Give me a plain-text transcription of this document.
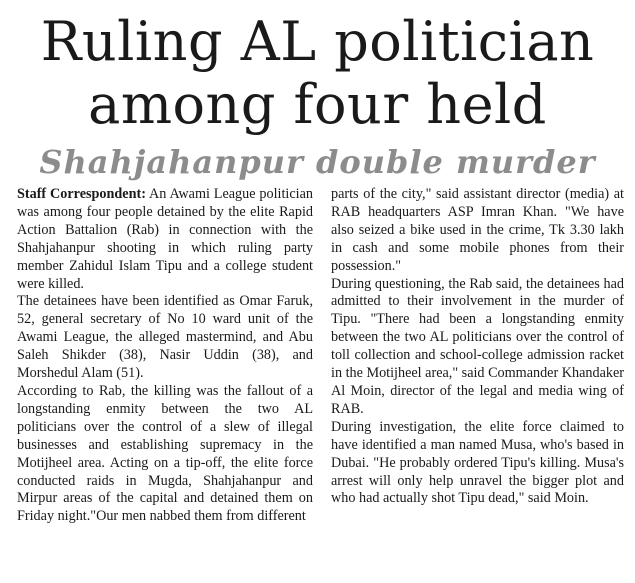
Ruling AL politician
among four held
Shahjahanpur double murder

Staff Correspondent: An Awami League politician was among four people detained by the elite Rapid Action Battalion (Rab) in connection with the Shahjahanpur shooting in which ruling party member Zahidul Islam Tipu and a college student were killed.

The detainees have been identified as Omar Faruk, 52, general secretary of No 10 ward unit of the Awami League, the alleged mastermind, and Abu Saleh Shikder (38), Nasir Uddin (38), and Morshedul Alam (51).

According to Rab, the killing was the fallout of a longstanding enmity between the two AL politicians over the control of a slew of illegal businesses and establishing supremacy in the Motijheel area. Acting on a tip-off, the elite force conducted raids in Mugda, Shahjahanpur and Mirpur areas of the capital and detained them on Friday night."Our men nabbed them from different

parts of the city," said assistant director (media) at RAB headquarters ASP Imran Khan. "We have also seized a bike used in the crime, Tk 3.30 lakh in cash and some mobile phones from their possession."

During questioning, the Rab said, the detainees had admitted to their involvement in the murder of Tipu. "There had been a longstanding enmity between the two AL politicians over the control of toll collection and school-college admission racket in the Motijheel area," said Commander Khandaker Al Moin, director of the legal and media wing of RAB.

During investigation, the elite force claimed to have identified a man named Musa, who's based in Dubai. "He probably ordered Tipu's killing. Musa's arrest will only help unravel the bigger plot and who had actually shot Tipu dead," said Moin.
